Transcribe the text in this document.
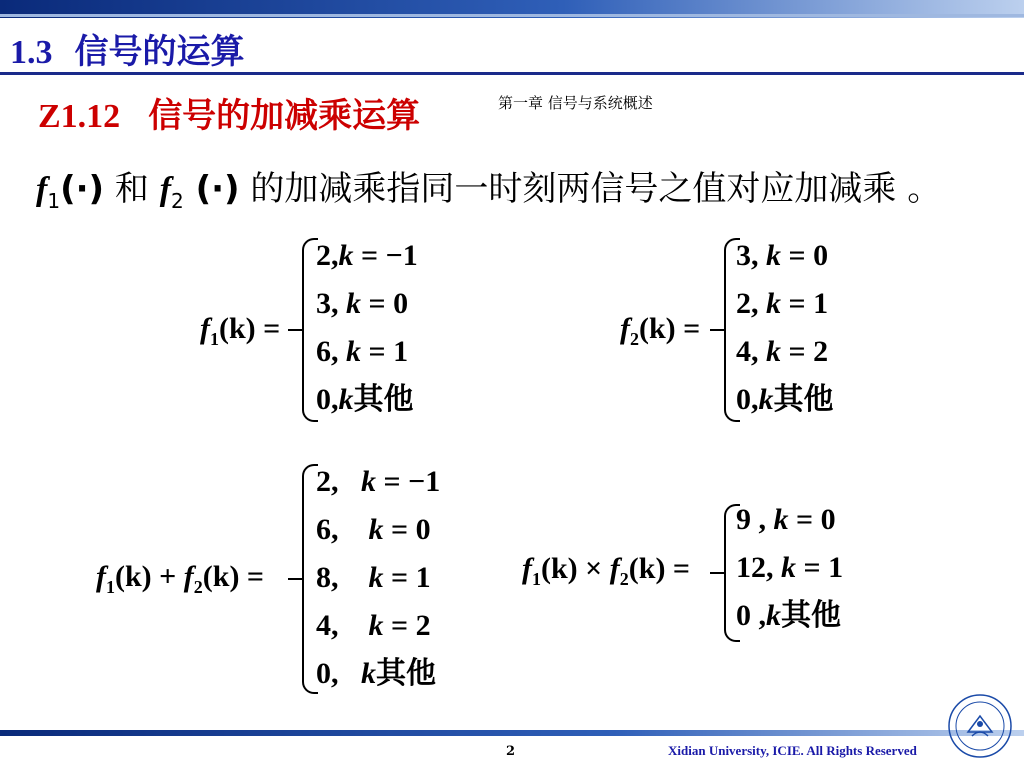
1.3 信号的运算
Z1.12 信号的加减乘运算	第一章 信号与系统概述
$f_1(\cdot)$ 和 $f_2$ (·) 的加减乘指同一时刻两信号之值对应加减乘 。
$f_1(k)$ =
2,k = −1
3, k = 0
6, k = 1
0,k其他
$f_2(k)$ =
3, k = 0
2, k = 1
4, k = 2
0,k其他
$f_1(k) + f_2(k)$ =
2, k = −1
6, k = 0
8, k = 1
4, k = 2
0, k其他
$f_1(k) \times f_2(k)$ =
9 , k = 0
12, k = 1
0 ,k其他
2	Xidian University, ICIE. All Rights Reserved
